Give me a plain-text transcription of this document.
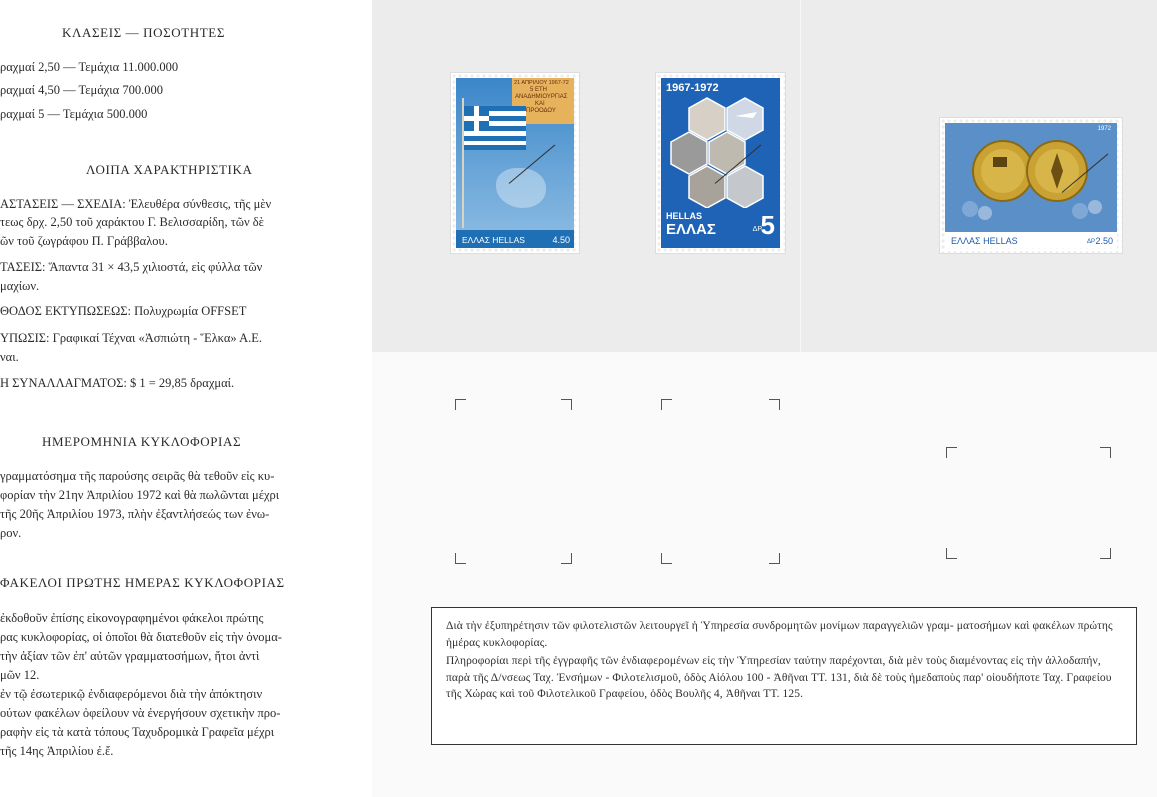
ΚΛΑΣΕΙΣ — ΠΟΣΟΤΗΤΕΣ
ραχμαί 2,50 — Τεμάχια 11.000.000
ραχμαί 4,50 — Τεμάχια 700.000
ραχμαί 5 — Τεμάχια 500.000
ΛΟΙΠΑ ΧΑΡΑΚΤΗΡΙΣΤΙΚΑ
ΑΣΤΑΣΕΙΣ — ΣΧΕΔΙΑ: Ἐλευθέρα σύνθεσις, τῆς μὲν
τεως δρχ. 2,50 τοῦ χαράκτου Γ. Βελισσαρίδη, τῶν δὲ
ῶν τοῦ ζωγράφου Π. Γράββαλου.
ΤΑΣΕΙΣ: Ἅπαντα 31 × 43,5 χιλιοστά, εἰς φύλλα τῶν
μαχίων.
ΘΟΔΟΣ ΕΚΤΥΠΩΣΕΩΣ: Πολυχρωμία OFFSET
ΥΠΩΣΙΣ: Γραφικαί Τέχναι «Ἀσπιώτη - Ἕλκα» Α.Ε.
ναι.
Η ΣΥΝΑΛΛΑΓΜΑΤΟΣ: $ 1 = 29,85 δραχμαί.
ΗΜΕΡΟΜΗΝΙΑ ΚΥΚΛΟΦΟΡΙΑΣ
γραμματόσημα τῆς παρούσης σειρᾶς θὰ τεθοῦν εἰς κυ-
φορίαν τὴν 21ην Ἀπριλίου 1972 καὶ θὰ πωλῶνται μέχρι
τῆς 20ῆς Ἀπριλίου 1973, πλὴν ἐξαντλήσεώς των ἐνω-
ρον.
ΦΑΚΕΛΟΙ ΠΡΩΤΗΣ ΗΜΕΡΑΣ ΚΥΚΛΟΦΟΡΙΑΣ
ἐκδοθοῦν ἐπίσης εἰκονογραφημένοι φάκελοι πρώτης
ρας κυκλοφορίας, οἱ ὁποῖοι θὰ διατεθοῦν εἰς τὴν ὀνομα-
τὴν ἀξίαν τῶν ἐπ' αὐτῶν γραμματοσήμων, ἤτοι ἀντὶ
μῶν 12.
ἐν τῷ ἐσωτερικῷ ἐνδιαφερόμενοι διὰ τὴν ἀπόκτησιν
ούτων φακέλων ὀφείλουν νὰ ἐνεργήσουν σχετικὴν προ-
ραφὴν εἰς τὰ κατὰ τόπους Ταχυδρομικὰ Γραφεῖα μέχρι
τῆς 14ης Ἀπριλίου ἐ.ἔ.
21 ΑΠΡΙΛΙΟΥ 1967-72
5 ΕΤΗ
ΑΝΑΔΗΜΙΟΥΡΓΙΑΣ
ΚΑΙ
ΠΡΟΟΔΟΥ
ΕΛΛΑΣ HELLAS	4.50
1967-1972
HELLAS
ΕΛΛΑΣ	ΔΡ
5
1972
ΕΛΛΑΣ HELLAS	ΔΡ 2.50

Διὰ τὴν ἐξυπηρέτησιν τῶν φιλοτελιστῶν λειτουργεῖ ἡ Ὑπηρεσία συνδρομητῶν μονίμων παραγγελιῶν γραμ- ματοσήμων καὶ φακέλων πρώτης ἡμέρας κυκλοφορίας.

Πληροφορίαι περὶ τῆς ἐγγραφῆς τῶν ἐνδιαφερομένων εἰς τὴν Ὑπηρεσίαν ταύτην παρέχονται, διὰ μὲν τοὺς διαμένοντας εἰς τὴν ἀλλοδαπήν, παρὰ τῆς Δ/νσεως Ταχ. Ἐνσήμων - Φιλοτελισμοῦ, ὁδὸς Αἰόλου 100 - Ἀθῆναι ΤΤ. 131, διὰ δὲ τοὺς ἡμεδαποὺς παρ' οἱουδήποτε Ταχ. Γραφείου τῆς Χώρας καὶ τοῦ Φιλοτελικοῦ Γραφείου, ὁδὸς Βουλῆς 4, Ἀθῆναι ΤΤ. 125.
